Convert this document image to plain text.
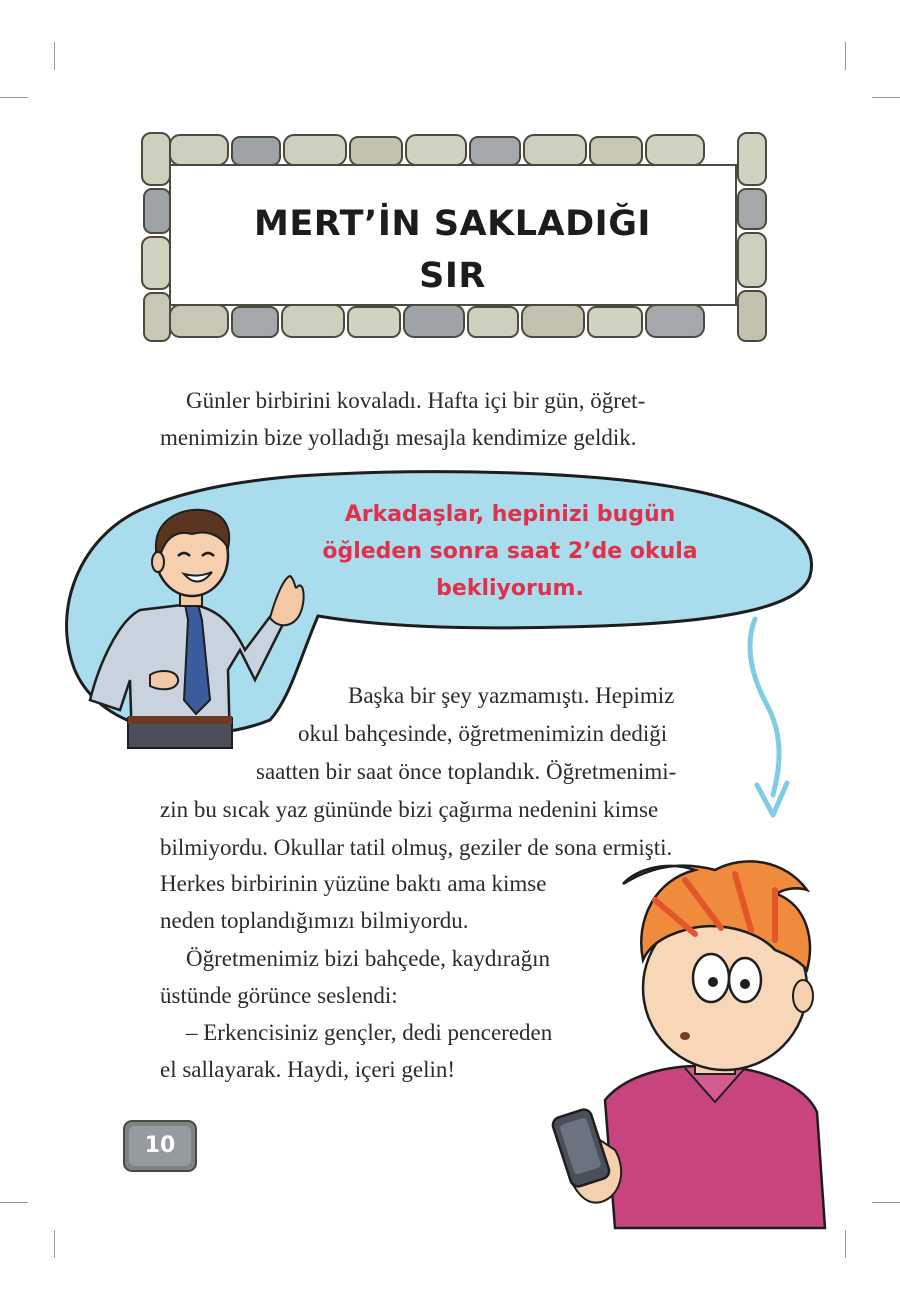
MERT’İN SAKLADIĞI
SIR
Günler birbirini kovaladı. Hafta içi bir gün, öğret-
menimizin bize yolladığı mesajla kendimize geldik.
Arkadaşlar, hepinizi bugün
öğleden sonra saat 2’de okula
bekliyorum.
Başka bir şey yazmamıştı. Hepimiz
okul bahçesinde, öğretmenimizin dediği
saatten bir saat önce toplandık. Öğretmenimi-
zin bu sıcak yaz gününde bizi çağırma nedenini kimse
bilmiyordu. Okullar tatil olmuş, geziler de sona ermişti.
Herkes birbirinin yüzüne baktı ama kimse
neden toplandığımızı bilmiyordu.
Öğretmenimiz bizi bahçede, kaydırağın
üstünde görünce seslendi:
– Erkencisiniz gençler, dedi pencereden
el sallayarak. Haydi, içeri gelin!
10
